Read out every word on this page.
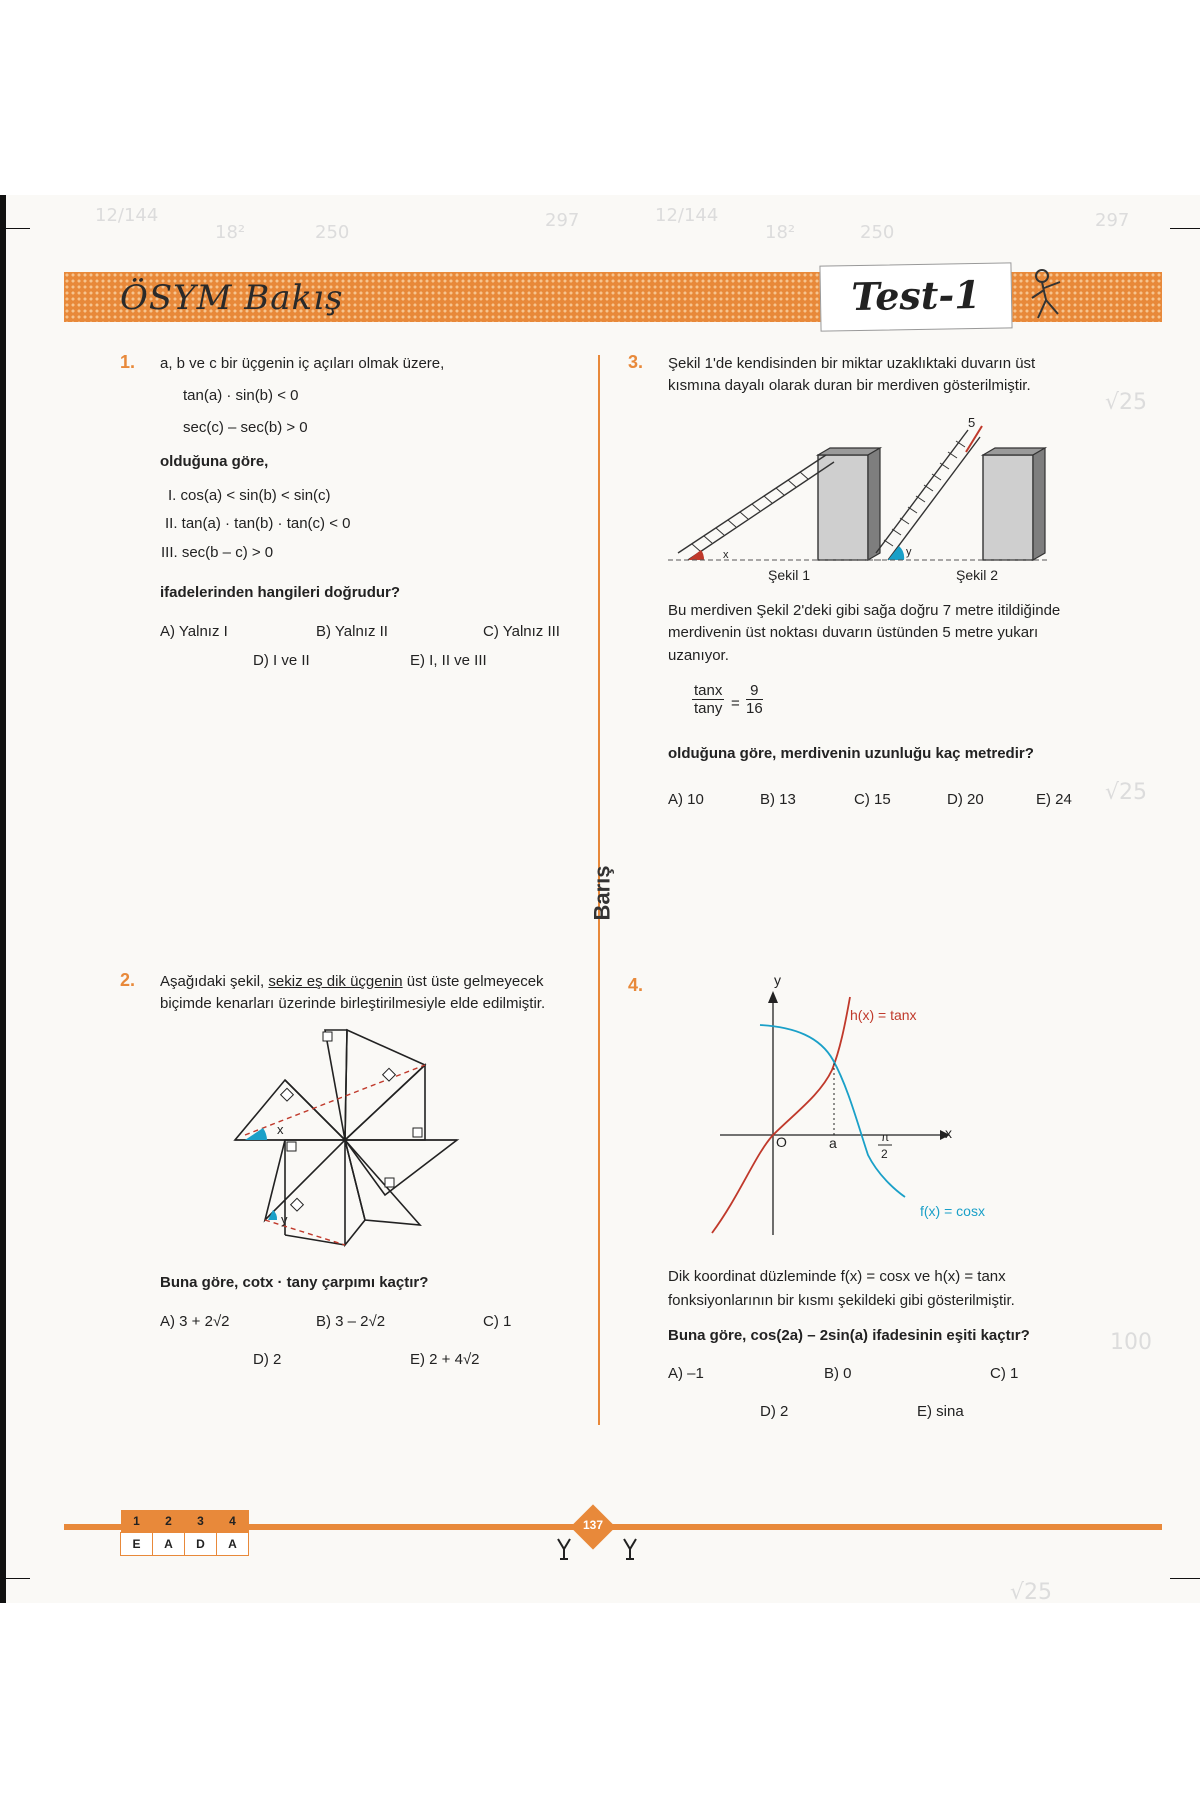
12/144
18²	250
297	12/144
18²	250
297
√25
√25
100
√25
ÖSYM Bakış	Test-1
Barış
1. a, b ve c bir üçgenin iç açıları olmak üzere,
tan(a) · sin(b) < 0
sec(c) – sec(b) > 0
olduğuna göre,
I. cos(a) < sin(b) < sin(c)
II. tan(a) · tan(b) · tan(c) < 0
III. sec(b – c) > 0
ifadelerinden hangileri doğrudur?
A) Yalnız I	B) Yalnız II	C) Yalnız III
D) I ve II	E) I, II ve III
2. Aşağıdaki şekil, sekiz eş dik üçgenin üst üste gelmeyecek
biçimde kenarları üzerinde birleştirilmesiyle elde edilmiştir.
x
y
Buna göre, cotx · tany çarpımı kaçtır?
A) 3 + 2√2	B) 3 – 2√2	C) 1
D) 2	E) 2 + 4√2
3. Şekil 1'de kendisinden bir miktar uzaklıktaki duvarın üst
kısmına dayalı olarak duran bir merdiven gösterilmiştir.
x
5
y
Şekil 1	Şekil 2
Bu merdiven Şekil 2'deki gibi sağa doğru 7 metre itildiğinde
merdivenin üst noktası duvarın üstünden 5 metre yukarı
uzanıyor.
$\frac{\tan x}{\tan y} = \frac{9}{16}$
olduğuna göre, merdivenin uzunluğu kaç metredir?
A) 10	B) 13	C) 15	D) 20	E) 24
4.	y
x
O	a	π
2
h(x) = tanx
f(x) = cosx
Dik koordinat düzleminde f(x) = cosx ve h(x) = tanx
fonksiyonlarının bir kısmı şekildeki gibi gösterilmiştir.
Buna göre, cos(2a) – 2sin(a) ifadesinin eşiti kaçtır?
A) –1	B) 0	C) 1
D) 2	E) sina
1	2	3	4
E	A	D	A
137
